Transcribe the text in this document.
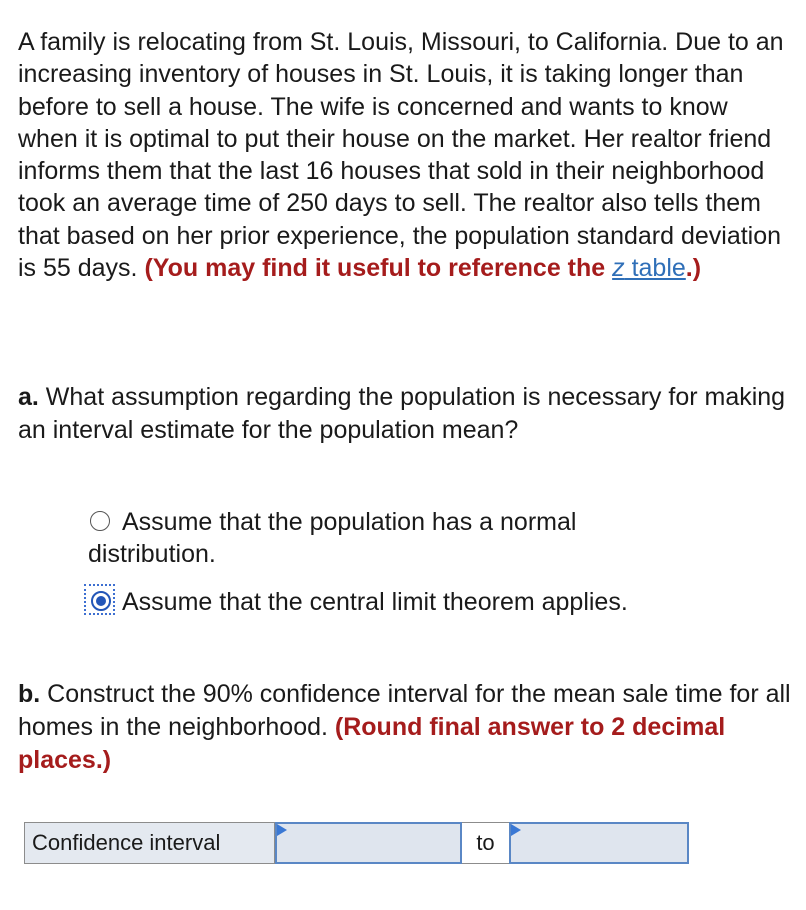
A family is relocating from St. Louis, Missouri, to California. Due to an increasing inventory of houses in St. Louis, it is taking longer than before to sell a house. The wife is concerned and wants to know when it is optimal to put their house on the market. Her realtor friend informs them that the last 16 houses that sold in their neighborhood took an average time of 250 days to sell. The realtor also tells them that based on her prior experience, the population standard deviation is 55 days. (You may find it useful to reference the z table.)
a. What assumption regarding the population is necessary for making an interval estimate for the population mean?
Assume that the population has a normal distribution.
Assume that the central limit theorem applies.
b. Construct the 90% confidence interval for the mean sale time for all homes in the neighborhood. (Round final answer to 2 decimal places.)
Confidence interval	to
